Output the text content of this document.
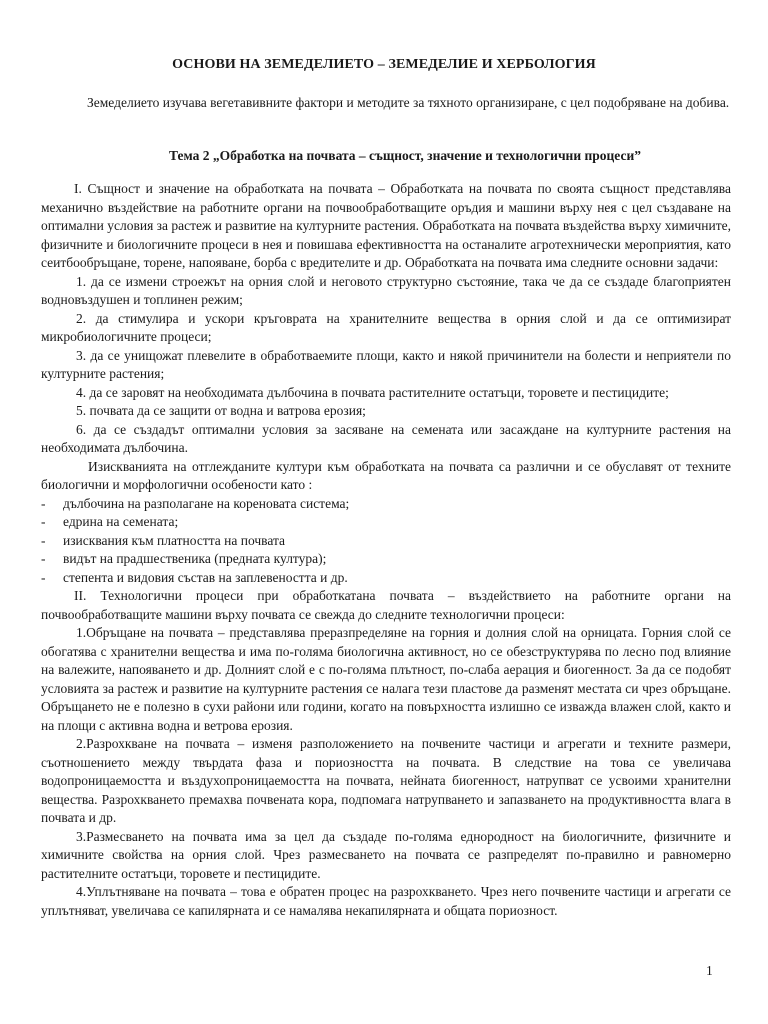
ОСНОВИ НА ЗЕМЕДЕЛИЕТО – ЗЕМЕДЕЛИЕ И ХЕРБОЛОГИЯ

Земеделието изучава вегетавивните фактори и методите за тяхното организиране, с цел подобряване на добива.

Тема 2 „Обработка на почвата – същност, значение и технологични процеси”

I. Същност и значение на обработката на почвата – Обработката на почвата по своята същност представлява механично въздействие на работните органи на почвообработващите оръдия и машини върху нея с цел създаване на оптимални условия за растеж и развитие на културните растения. Обработката на почвата въздейства върху химичните, физичните и биологичните процеси в нея и повишава ефективността на останалите агротехнически мероприятия, като сеитбообръщане, торене, напояване, борба с вредителите и др. Обработката на почвата има следните основни задачи:

1. да се измени строежът на орния слой и неговото структурно състояние, така че да се създаде благоприятен водновъздушен и топлинен режим;

2. да стимулира и ускори кръговрата на хранителните вещества в орния слой и да се оптимизират микробиологичните процеси;

3. да се унищожат плевелите в обработваемите площи, както и някой причинители на болести и неприятели по културните растения;

4. да се заровят на необходимата дълбочина в почвата растителните остатъци, торовете и пестицидите;

5. почвата да се защити от водна и ватрова ерозия;

6. да се създадът оптимални условия за засяване на семената или засаждане на културните растения на необходимата дълбочина.

Изискванията на отглежданите култури към обработката на почвата са различни и се обуславят от техните биологични и морфологични особености като :

- дълбочина на разполагане на кореновата система;
- едрина на семената;
- изисквания към платността на почвата
- видът на прадшественика (предната култура);
- степента и видовия състав на заплевеността и др.

II. Технологични процеси при обработкатана почвата – въздействието на работните органи на почвообработващите машини върху почвата се свежда до следните технологични процеси:

1.Обръщане на почвата – представлява преразпределяне на горния и долния слой на орницата. Горния слой се обогатява с хранителни вещества и има по-голяма биологична активност, но се обезструктурява по лесно под влияние на валежите, напояването и др. Долният слой е с по-голяма плътност, по-слаба аерация и биогенност. За да се подобят условията за растеж и развитие на културните растения се налага тези пластове да разменят местата си чрез обръщане. Обръщането не е полезно в сухи райони или години, когато на повърхността излишно се изважда влажен слой, както и на площи с активна водна и ветрова ерозия.

2.Разрохкване на почвата – изменя разположението на почвените частици и агрегати и техните размери, съотношението между твърдата фаза и пориозността на почвата. В следствие на това се увеличава водопроницаемостта и въздухопроницаемостта на почвата, нейната биогенност, натрупват се усвоими хранителни вещества. Разрохкването премахва почвената кора, подпомага натрупването и запазването на продуктивността влага в почвата и др.

3.Размесването на почвата има за цел да създаде по-голяма еднородност на биологичните, физичните и химичните свойства на орния слой. Чрез размесването на почвата се разпределят по-правилно и равномерно растителните остатъци, торовете и пестицидите.

4.Уплътняване на почвата – това е обратен процес на разрохкването. Чрез него почвените частици и агрегати се уплътняват, увеличава се капилярната и се намалява некапилярната и общата пориозност.

1
